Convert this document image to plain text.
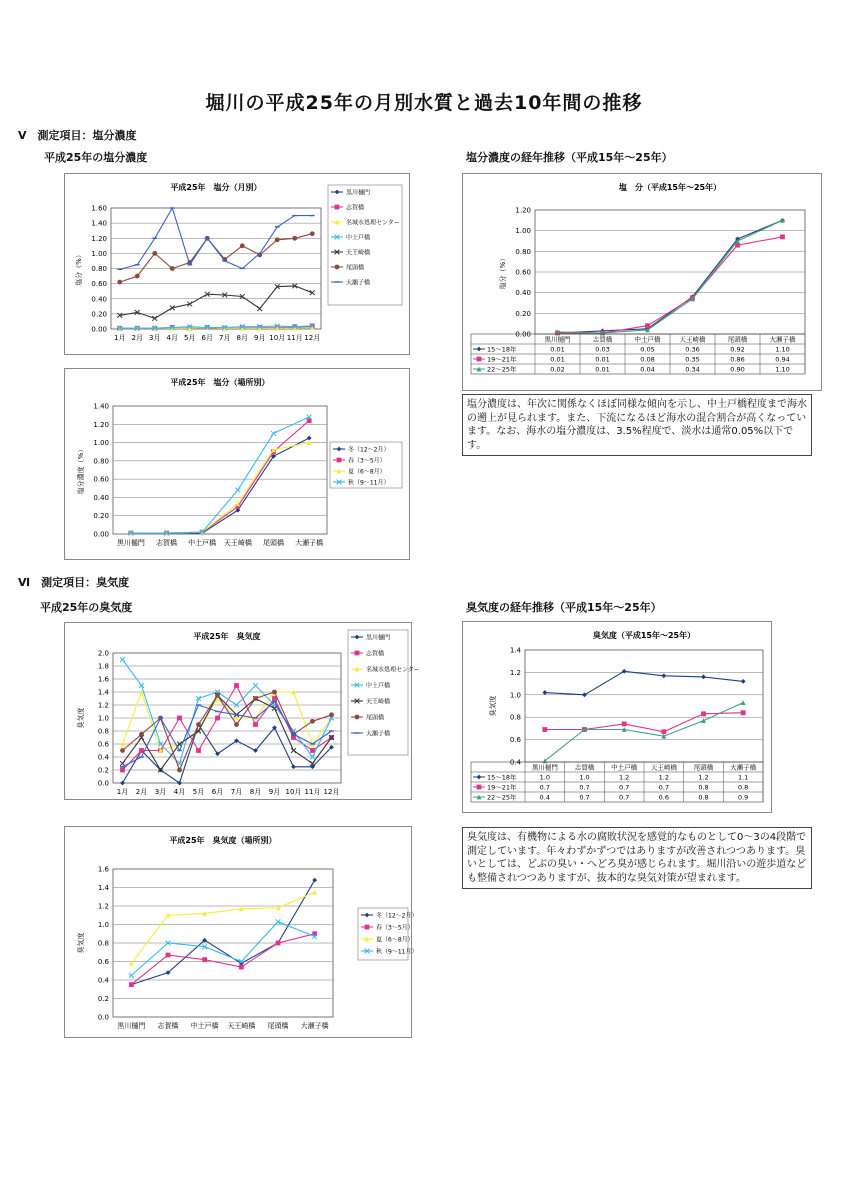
堀川の平成25年の月別水質と過去10年間の推移
Ⅴ　測定項目：塩分濃度
平成25年の塩分濃度	塩分濃度の経年推移（平成15年～25年）
Ⅵ　測定項目：臭気度
平成25年の臭気度	臭気度の経年推移（平成15年～25年）
平成25年　塩分（月別）
0.00
0.20
0.40
0.60
0.80
1.00
1.20
1.40
1.60
塩分（%）
1月 2月 3月 4月 5月 6月 7月 8月 9月 10月 11月 12月
黒川樋門
志賀橋
名城水処理センター
中土戸橋
天王崎橋
尾頭橋
大瀬子橋
平成25年　塩分（場所別）
0.00
0.20
0.40
0.60
0.80
1.00
1.20
1.40
塩分濃度（%）
黒川樋門 志賀橋 中土戸橋 天王崎橋 尾頭橋 大瀬子橋
冬（12～2月）
春（3～5月）
夏（6～8月）
秋（9～11月）
塩　分（平成15年～25年）
0.00
0.20
0.40
0.60
0.80
1.00
1.20
塩分（%）
黒川樋門	志賀橋	中土戸橋	天王崎橋	尾頭橋	大瀬子橋
15～18年	0.01	0.03	0.05	0.36	0.92	1.10
19～21年	0.01	0.01	0.08	0.35	0.86	0.94
22～25年	0.02	0.01	0.04	0.34	0.90	1.10
平成25年　臭気度
0.0
0.2
0.4
0.6
0.8
1.0
1.2
1.4
1.6
1.8
2.0
臭気度
1月 2月 3月 4月 5月 6月 7月 8月 9月 10月 11月 12月
黒川樋門
志賀橋
名城水処理センター
中土戸橋
天王崎橋
尾頭橋
大瀬子橋
平成25年　臭気度（場所別）
0.0
0.2
0.4
0.6
0.8
1.0
1.2
1.4
1.6
臭気度
黒川樋門 志賀橋 中土戸橋 天王崎橋 尾頭橋 大瀬子橋
冬（12～2月）
春（3～5月）
夏（6～8月）
秋（9～11月）
臭気度（平成15年～25年）
0.4
0.6
0.8
1.0
1.2
1.4
臭気度
黒川樋門	志賀橋	中土戸橋 天王崎橋	尾頭橋	大瀬子橋
15～18年	1.0	1.0	1.2	1.2	1.2	1.1
19～21年	0.7	0.7	0.7	0.7	0.8	0.8
22～25年	0.4	0.7	0.7	0.6	0.8	0.9
塩分濃度は、年次に関係なくほぼ同様な傾向を示し、中土戸橋程度まで海水の遡上が見られます。また、下流になるほど海水の混合割合が高くなっています。なお、海水の塩分濃度は、3.5%程度で、淡水は通常0.05%以下です。
臭気度は、有機物による水の腐敗状況を感覚的なものとして0～3の4段階で測定しています。年々わずかずつではありますが改善されつつあります。臭いとしては、どぶの臭い・へどろ臭が感じられます。堀川沿いの遊歩道なども整備されつつありますが、抜本的な臭気対策が望まれます。
